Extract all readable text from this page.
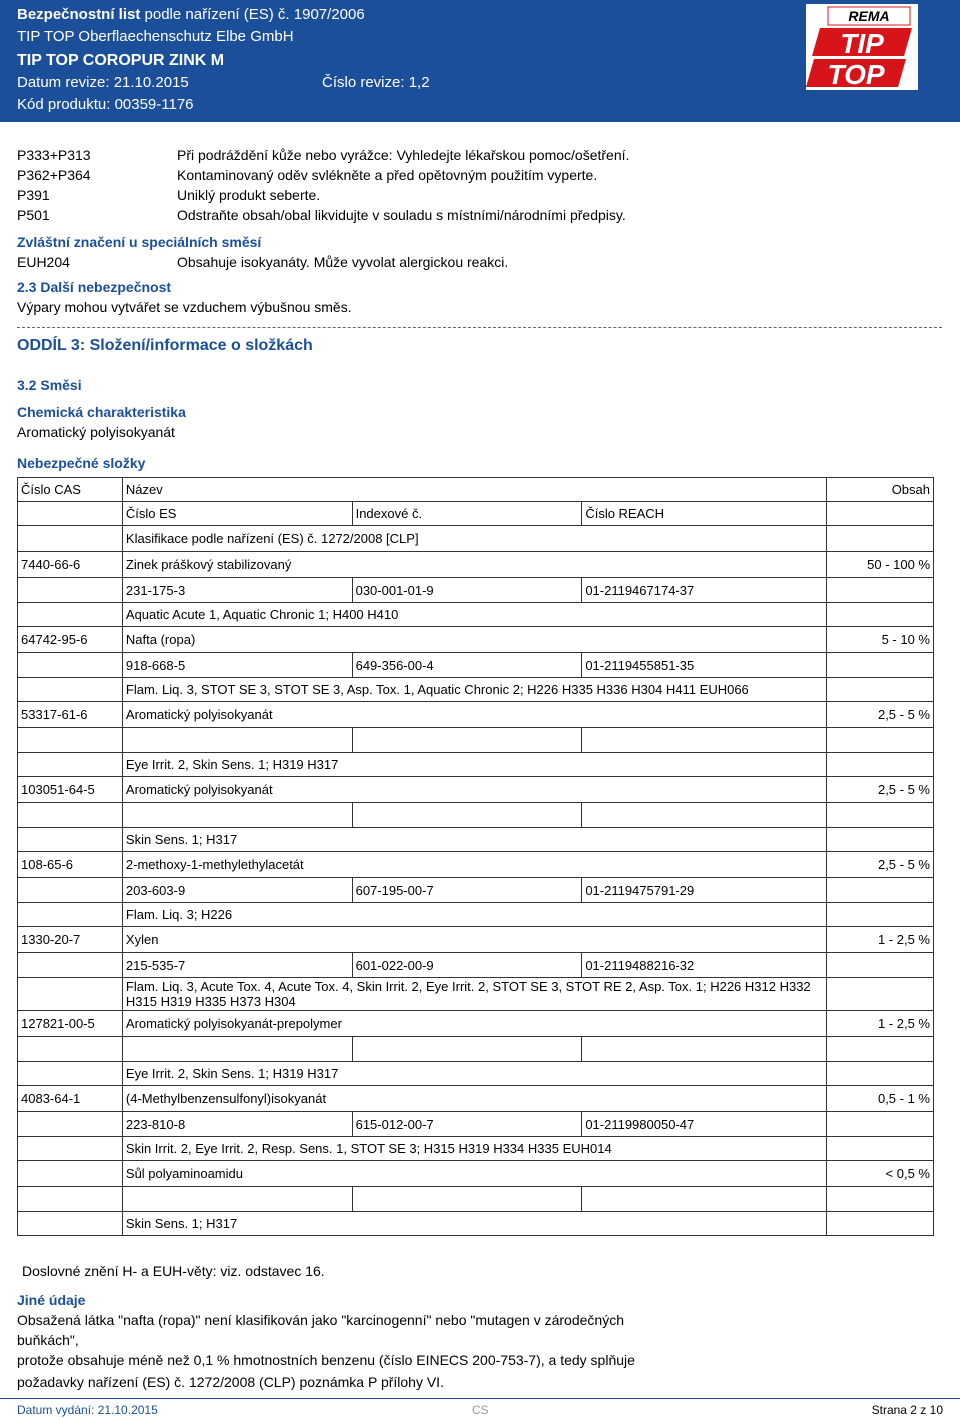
Bezpečnostní list podle nařízení (ES) č. 1907/2006
TIP TOP Oberflaechenschutz Elbe GmbH
TIP TOP COROPUR ZINK M
Datum revize: 21.10.2015	Číslo revize: 1,2
Kód produktu: 00359-1176
REMA
TIP
TOP
P333+P313	Při podráždění kůže nebo vyrážce: Vyhledejte lékařskou pomoc/ošetření.
P362+P364	Kontaminovaný oděv svlékněte a před opětovným použitím vyperte.
P391	Uniklý produkt seberte.
P501	Odstraňte obsah/obal likvidujte v souladu s místními/národními předpisy.
Zvláštní značení u speciálních směsí
EUH204	Obsahuje isokyanáty. Může vyvolat alergickou reakci.
2.3 Další nebezpečnost
Výpary mohou vytvářet se vzduchem výbušnou směs.
ODDÍL 3: Složení/informace o složkách
3.2 Směsi
Chemická charakteristika
Aromatický polyisokyanát
Nebezpečné složky
Číslo CAS	Název			Obsah
	Číslo ES	Indexové č.	Číslo REACH	
	Klasifikace podle nařízení (ES) č. 1272/2008 [CLP]			
7440-66-6	Zinek práškový stabilizovaný			50 - 100 %
	231-175-3	030-001-01-9	01-2119467174-37	
	Aquatic Acute 1, Aquatic Chronic 1; H400 H410			
64742-95-6	Nafta (ropa)			5 - 10 %
	918-668-5	649-356-00-4	01-2119455851-35	
	Flam. Liq. 3, STOT SE 3, STOT SE 3, Asp. Tox. 1, Aquatic Chronic 2; H226 H335 H336 H304 H411 EUH066			
53317-61-6	Aromatický polyisokyanát			2,5 - 5 %

	Eye Irrit. 2, Skin Sens. 1; H319 H317			
103051-64-5	Aromatický polyisokyanát			2,5 - 5 %

	Skin Sens. 1; H317			
108-65-6	2-methoxy-1-methylethylacetát			2,5 - 5 %
	203-603-9	607-195-00-7	01-2119475791-29	
	Flam. Liq. 3; H226			
1330-20-7	Xylen			1 - 2,5 %
	215-535-7	601-022-00-9	01-2119488216-32	
	Flam. Liq. 3, Acute Tox. 4, Acute Tox. 4, Skin Irrit. 2, Eye Irrit. 2, STOT SE 3, STOT RE 2, Asp. Tox. 1; H226 H312 H332 H315 H319 H335 H373 H304			
127821-00-5	Aromatický polyisokyanát-prepolymer			1 - 2,5 %

	Eye Irrit. 2, Skin Sens. 1; H319 H317			
4083-64-1	(4-Methylbenzensulfonyl)isokyanát			0,5 - 1 %
	223-810-8	615-012-00-7	01-2119980050-47	
	Skin Irrit. 2, Eye Irrit. 2, Resp. Sens. 1, STOT SE 3; H315 H319 H334 H335 EUH014			
	Sůl polyaminoamidu			< 0,5 %

	Skin Sens. 1; H317			
Doslovné znění H- a EUH-věty: viz. odstavec 16.
Jiné údaje
Obsažená látka "nafta (ropa)" není klasifikován jako "karcinogenní" nebo "mutagen v zárodečných
buňkách",
protože obsahuje méně než 0,1 % hmotnostních benzenu (číslo EINECS 200-753-7), a tedy splňuje
požadavky nařízení (ES) č. 1272/2008 (CLP) poznámka P přílohy VI.
Datum vydání: 21.10.2015	CS	Strana 2 z 10
